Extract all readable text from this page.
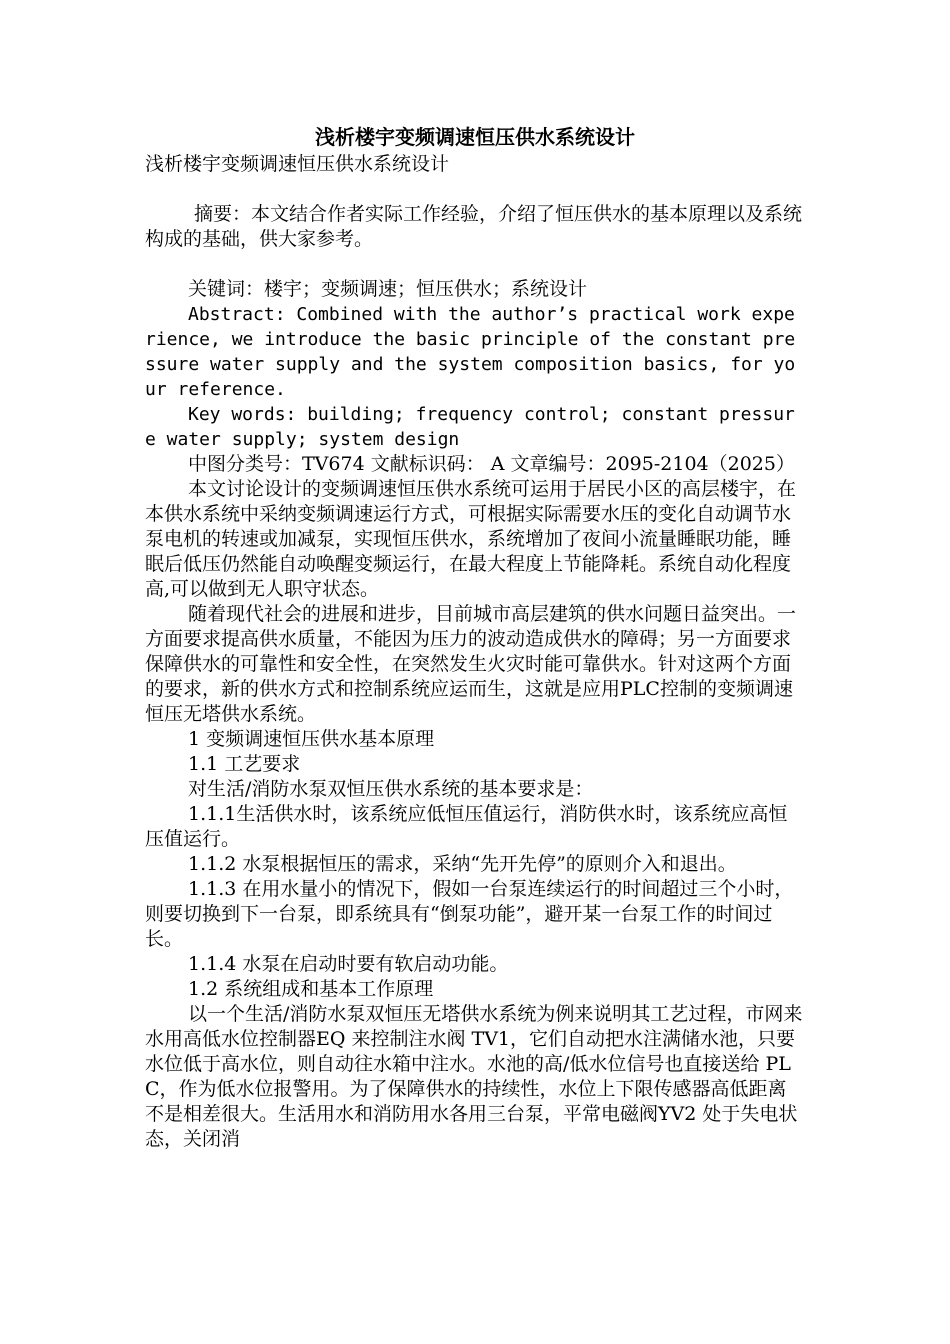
浅析楼宇变频调速恒压供水系统设计

浅析楼宇变频调速恒压供水系统设计

摘要：本文结合作者实际工作经验，介绍了恒压供水的基本原理以及系统构成的基础，供大家参考。

关键词：楼宇；变频调速；恒压供水；系统设计

Abstract: Combined with the author’s practical work experience, we introduce the basic principle of the constant pressure water supply and the system composition basics, for your reference.

Key words: building; frequency control; constant pressure water supply; system design

中图分类号：TV674 文献标识码： A 文章编号：2095-2104（2025）

本文讨论设计的变频调速恒压供水系统可运用于居民小区的高层楼宇，在本供水系统中采纳变频调速运行方式，可根据实际需要水压的变化自动调节水泵电机的转速或加减泵，实现恒压供水，系统增加了夜间小流量睡眠功能，睡眠后低压仍然能自动唤醒变频运行，在最大程度上节能降耗。系统自动化程度高,可以做到无人职守状态。

随着现代社会的进展和进步，目前城市高层建筑的供水问题日益突出。一方面要求提高供水质量，不能因为压力的波动造成供水的障碍；另一方面要求保障供水的可靠性和安全性，在突然发生火灾时能可靠供水。针对这两个方面的要求，新的供水方式和控制系统应运而生，这就是应用PLC控制的变频调速恒压无塔供水系统。

1 变频调速恒压供水基本原理

1.1 工艺要求

对生活/消防水泵双恒压供水系统的基本要求是：

1.1.1生活供水时，该系统应低恒压值运行，消防供水时，该系统应高恒压值运行。

1.1.2 水泵根据恒压的需求，采纳“先开先停”的原则介入和退出。

1.1.3 在用水量小的情况下，假如一台泵连续运行的时间超过三个小时，则要切换到下一台泵，即系统具有“倒泵功能”，避开某一台泵工作的时间过长。

1.1.4 水泵在启动时要有软启动功能。

1.2 系统组成和基本工作原理

以一个生活/消防水泵双恒压无塔供水系统为例来说明其工艺过程，市网来水用高低水位控制器EQ 来控制注水阀 TV1，它们自动把水注满储水池，只要水位低于高水位，则自动往水箱中注水。水池的高/低水位信号也直接送给 PLC，作为低水位报警用。为了保障供水的持续性，水位上下限传感器高低距离不是相差很大。生活用水和消防用水各用三台泵，平常电磁阀YV2 处于失电状态，关闭消
